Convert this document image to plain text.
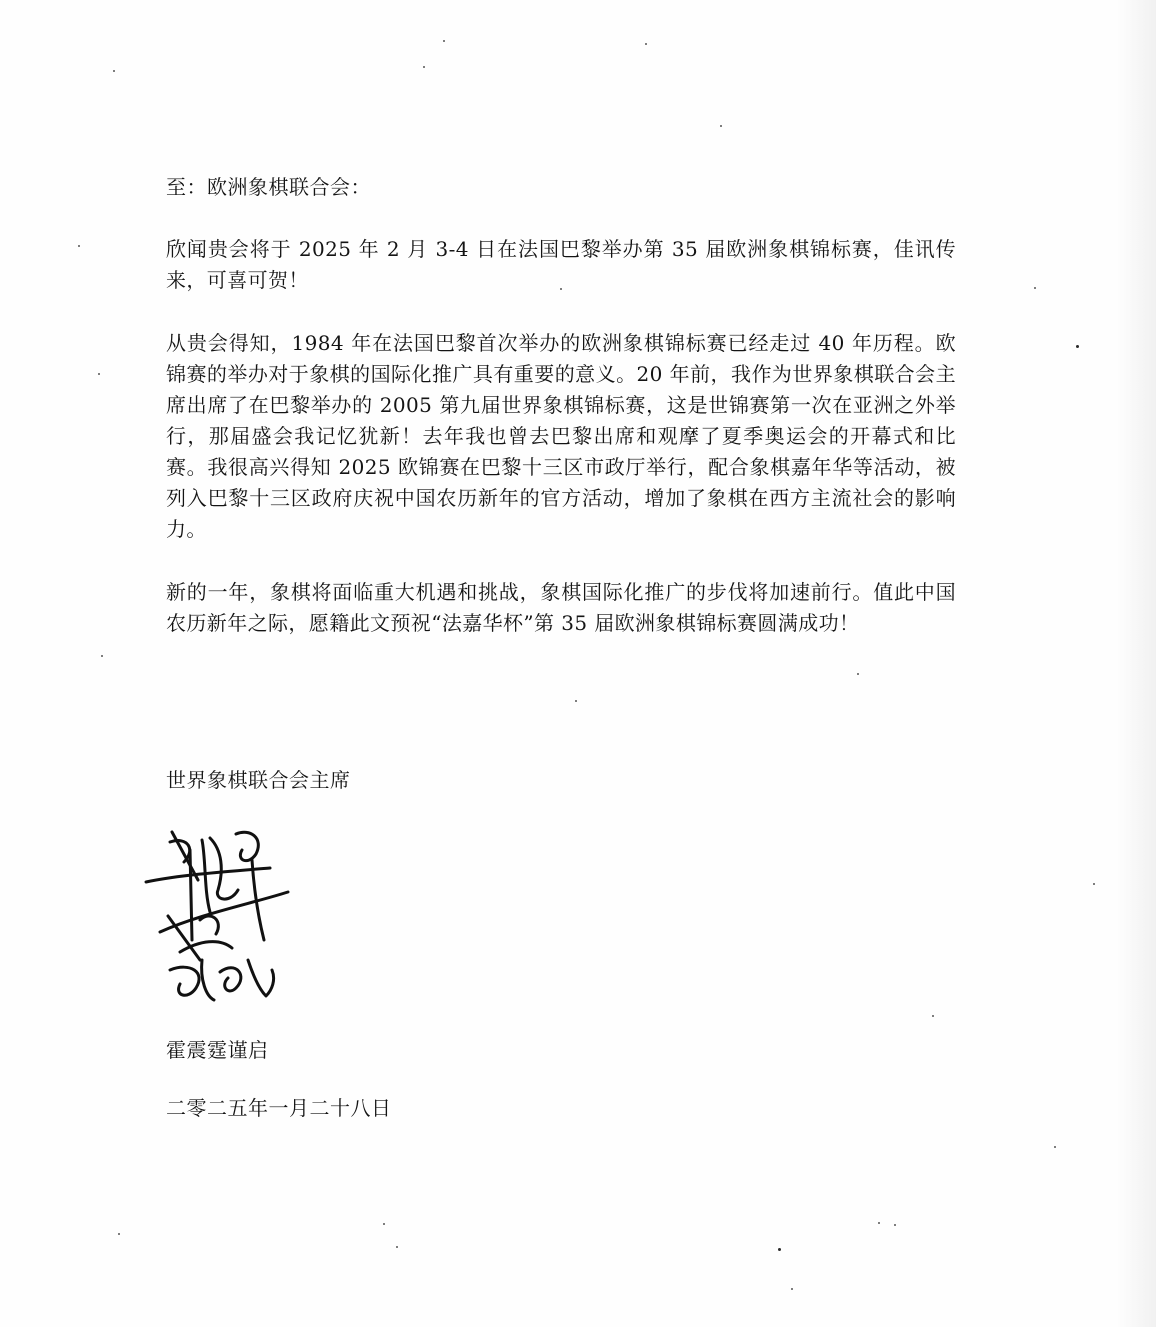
至：欧洲象棋联合会：

欣闻贵会将于 2025 年 2 月 3-4 日在法国巴黎举办第 35 届欧洲象棋锦标赛，佳讯传来，可喜可贺！

从贵会得知，1984 年在法国巴黎首次举办的欧洲象棋锦标赛已经走过 40 年历程。欧锦赛的举办对于象棋的国际化推广具有重要的意义。20 年前，我作为世界象棋联合会主席出席了在巴黎举办的 2005 第九届世界象棋锦标赛，这是世锦赛第一次在亚洲之外举行，那届盛会我记忆犹新！去年我也曾去巴黎出席和观摩了夏季奥运会的开幕式和比赛。我很高兴得知 2025 欧锦赛在巴黎十三区市政厅举行，配合象棋嘉年华等活动，被列入巴黎十三区政府庆祝中国农历新年的官方活动，增加了象棋在西方主流社会的影响力。

新的一年，象棋将面临重大机遇和挑战，象棋国际化推广的步伐将加速前行。值此中国农历新年之际，愿籍此文预祝“法嘉华杯”第 35 届欧洲象棋锦标赛圆满成功！

世界象棋联合会主席
霍震霆谨启
二零二五年一月二十八日
